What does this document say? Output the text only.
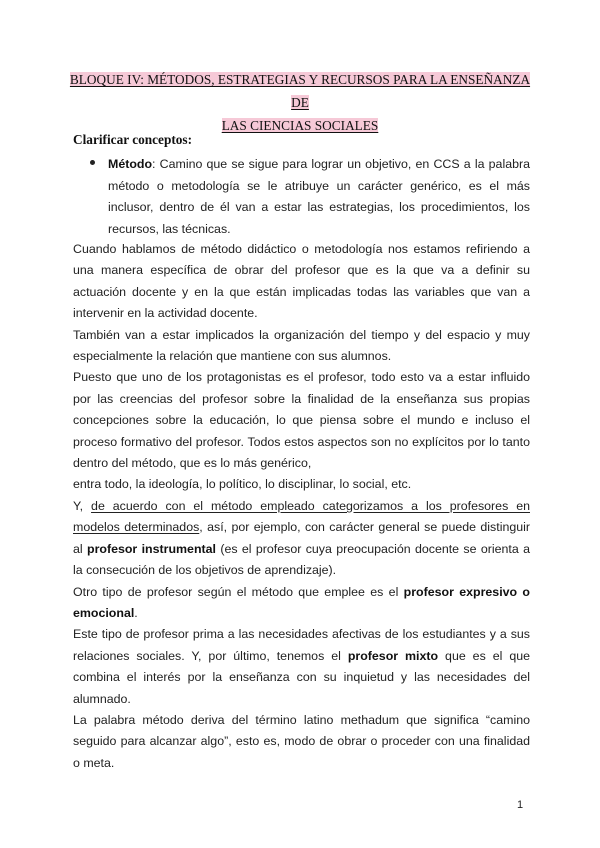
BLOQUE IV: MÉTODOS, ESTRATEGIAS Y RECURSOS PARA LA ENSEÑANZA DE
LAS CIENCIAS SOCIALES
Clarificar conceptos:
Método: Camino que se sigue para lograr un objetivo, en CCS a la palabra método o metodología se le atribuye un carácter genérico, es el más inclusor, dentro de él van a estar las estrategias, los procedimientos, los recursos, las técnicas.

Cuando hablamos de método didáctico o metodología nos estamos refiriendo a una manera específica de obrar del profesor que es la que va a definir su actuación docente y en la que están implicadas todas las variables que van a intervenir en la actividad docente.

También van a estar implicados la organización del tiempo y del espacio y muy especialmente la relación que mantiene con sus alumnos.

Puesto que uno de los protagonistas es el profesor, todo esto va a estar influido por las creencias del profesor sobre la finalidad de la enseñanza sus propias concepciones sobre la educación, lo que piensa sobre el mundo e incluso el proceso formativo del profesor. Todos estos aspectos son no explícitos por lo tanto dentro del método, que es lo más genérico,

entra todo, la ideología, lo político, lo disciplinar, lo social, etc.

Y, de acuerdo con el método empleado categorizamos a los profesores en modelos determinados, así, por ejemplo, con carácter general se puede distinguir al profesor instrumental (es el profesor cuya preocupación docente se orienta a la consecución de los objetivos de aprendizaje).

Otro tipo de profesor según el método que emplee es el profesor expresivo o emocional.

Este tipo de profesor prima a las necesidades afectivas de los estudiantes y a sus relaciones sociales. Y, por último, tenemos el profesor mixto que es el que combina el interés por la enseñanza con su inquietud y las necesidades del alumnado.

La palabra método deriva del término latino methadum que significa “camino seguido para alcanzar algo”, esto es, modo de obrar o proceder con una finalidad o meta.

1
